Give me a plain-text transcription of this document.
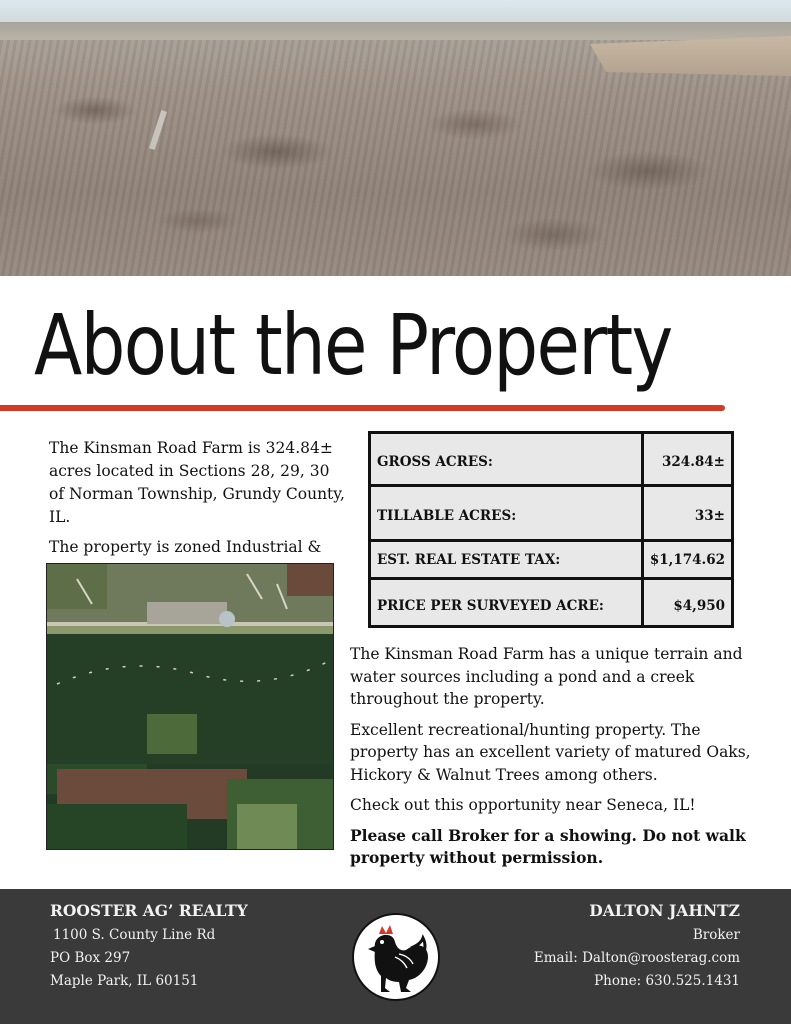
About the Property

The Kinsman Road Farm is 324.84± acres located in Sections 28, 29, 30 of Norman Township, Grundy County, IL.

The property is zoned Industrial &

GROSS ACRES:	324.84±
TILLABLE ACRES:	33±
EST. REAL ESTATE TAX:	$1,174.62
PRICE PER SURVEYED ACRE:	$4,950

The Kinsman Road Farm has a unique terrain and water sources including a pond and a creek throughout the property.

Excellent recreational/hunting property. The property has an excellent variety of matured Oaks, Hickory & Walnut Trees among others.

Check out this opportunity near Seneca, IL!

Please call Broker for a showing. Do not walk property without permission.

ROOSTER AG’ REALTY
1100 S. County Line Rd
PO Box 297
Maple Park, IL 60151
DALTON JAHNTZ
Broker
Email: Dalton@roosterag.com
Phone: 630.525.1431
